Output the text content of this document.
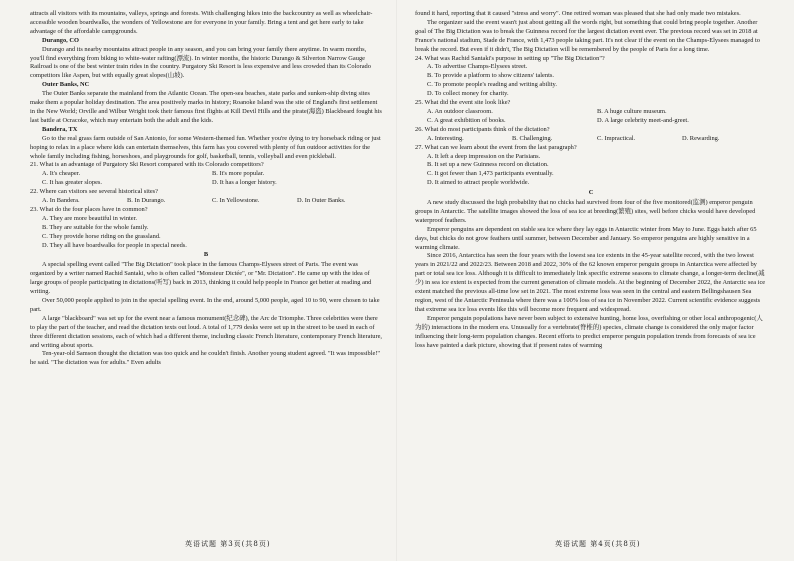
attracts all visitors with its mountains, valleys, springs and forests. With challenging hikes into the backcountry as well as wheelchair-accessible wooden boardwalks, the wonders of Yellowstone are for everyone in your family. Bring a tent and get here early to take advantage of the affordable campgrounds.

Durango, CO

Durango and its nearby mountains attract people in any season, and you can bring your family there anytime. In warm months, you'll find everything from biking to white-water rafting(漂流). In winter months, the historic Durango & Silverton Narrow Gauge Railroad is one of the best winter train rides in the country. Purgatory Ski Resort is less expensive and less crowded than its Colorado competitors like Aspen, but with equally great slopes(山坡).

Outer Banks, NC

The Outer Banks separate the mainland from the Atlantic Ocean. The open-sea beaches, state parks and sunken-ship diving sites make them a popular holiday destination. The area positively marks in history; Roanoke Island was the site of England's first settlement in the New World; Orville and Wilbur Wright took their famous first flights at Kill Devil Hills and the pirate(海盗) Blackbeard fought his last battle at Ocracoke, which may entertain both the adult and the kids.

Bandera, TX

Go to the real grass farm outside of San Antonio, for some Western-themed fun. Whether you're dying to try horseback riding or just hoping to relax in a place where kids can entertain themselves, this farm has you covered with plenty of fun outdoor activities for the whole family including fishing, horseshoes, and playgrounds for golf, basketball, tennis, volleyball and even pickleball.

21. What is an advantage of Purgatory Ski Resort compared with its Colorado competitors?

A. It's cheaper.	B. It's more popular.
C. It has greater slopes.	D. It has a longer history.

22. Where can visitors see several historical sites?

A. In Bandera.	B. In Durango.	C. In Yellowstone.	D. In Outer Banks.

23. What do the four places have in common?

A. They are more beautiful in winter.

B. They are suitable for the whole family.

C. They provide horse riding on the grassland.

D. They all have boardwalks for people in special needs.

B

A special spelling event called "The Big Dictation" took place in the famous Champs-Elysees street of Paris. The event was organized by a writer named Rachid Santaki, who is often called "Monsieur Dictée", or "Mr. Dictation". He came up with the idea of large groups of people participating in dictations(听写) back in 2013, thinking it could help people in France get better at reading and writing.

Over 50,000 people applied to join in the special spelling event. In the end, around 5,000 people, aged 10 to 90, were chosen to take part.

A large "blackboard" was set up for the event near a famous monument(纪念碑), the Arc de Triomphe. Three celebrities were there to play the part of the teacher, and read the dictation texts out loud. A total of 1,779 desks were set up in the street to be used in each of three different dictation sessions, each of which had a different theme, including classic French literature, contemporary French literature, and writing about sports.

Ten-year-old Samson thought the dictation was too quick and he couldn't finish. Another young student agreed. "It was impossible!" he said. "The dictation was for adults." Even adults

found it hard, reporting that it caused "stress and worry". One retired woman was pleased that she had only made two mistakes.

The organizer said the event wasn't just about getting all the words right, but something that could bring people together. Another goal of The Big Dictation was to break the Guinness record for the largest dictation event ever. The previous record was set in 2018 at France's national stadium, Stade de France, with 1,473 people taking part. It's not clear if the event on the Champs-Elysees managed to break the record. But even if it didn't, The Big Dictation will be remembered by the people of Paris for a long time.

24. What was Rachid Santaki's purpose in setting up "The Big Dictation"?

A. To advertise Champs-Elysees street.

B. To provide a platform to show citizens' talents.

C. To promote people's reading and writing ability.

D. To collect money for charity.

25. What did the event site look like?

A. An outdoor classroom.	B. A huge culture museum.
C. A great exhibition of books.	D. A large celebrity meet-and-greet.

26. What do most participants think of the dictation?

A. Interesting.	B. Challenging.	C. Impractical.	D. Rewarding.

27. What can we learn about the event from the last paragraph?

A. It left a deep impression on the Parisians.

B. It set up a new Guinness record on dictation.

C. It got fewer than 1,473 participants eventually.

D. It aimed to attract people worldwide.

C

A new study discussed the high probability that no chicks had survived from four of the five monitored(监测) emperor penguin groups in Antarctic. The satellite images showed the loss of sea ice at breeding(繁殖) sites, well before chicks would have developed waterproof feathers.

Emperor penguins are dependent on stable sea ice where they lay eggs in Antarctic winter from May to June. Eggs hatch after 65 days, but chicks do not grow feathers until summer, between December and January. So emperor penguins are highly sensitive in a warming climate.

Since 2016, Antarctica has seen the four years with the lowest sea ice extents in the 45-year satellite record, with the two lowest years in 2021/22 and 2022/23. Between 2018 and 2022, 30% of the 62 known emperor penguin groups in Antarctica were affected by part or total sea ice loss. Although it is difficult to immediately link specific extreme seasons to climate change, a longer-term decline(减少) in sea ice extent is expected from the current generation of climate models. At the beginning of December 2022, the Antarctic sea ice extent matched the previous all-time low set in 2021. The most extreme loss was seen in the central and eastern Bellingshausen Sea region, west of the Antarctic Peninsula where there was a 100% loss of sea ice in November 2022. Current scientific evidence suggests that extreme sea ice loss events like this will become more frequent and widespread.

Emperor penguin populations have never been subject to extensive hunting, home loss, overfishing or other local anthropogenic(人为的) interactions in the modern era. Unusually for a vertebrate(脊椎的) species, climate change is considered the only major factor influencing their long-term population changes. Recent efforts to predict emperor penguin population trends from forecasts of sea ice loss have painted a dark picture, showing that if present rates of warming

英语试题 第3页(共8页)	英语试题 第4页(共8页)
